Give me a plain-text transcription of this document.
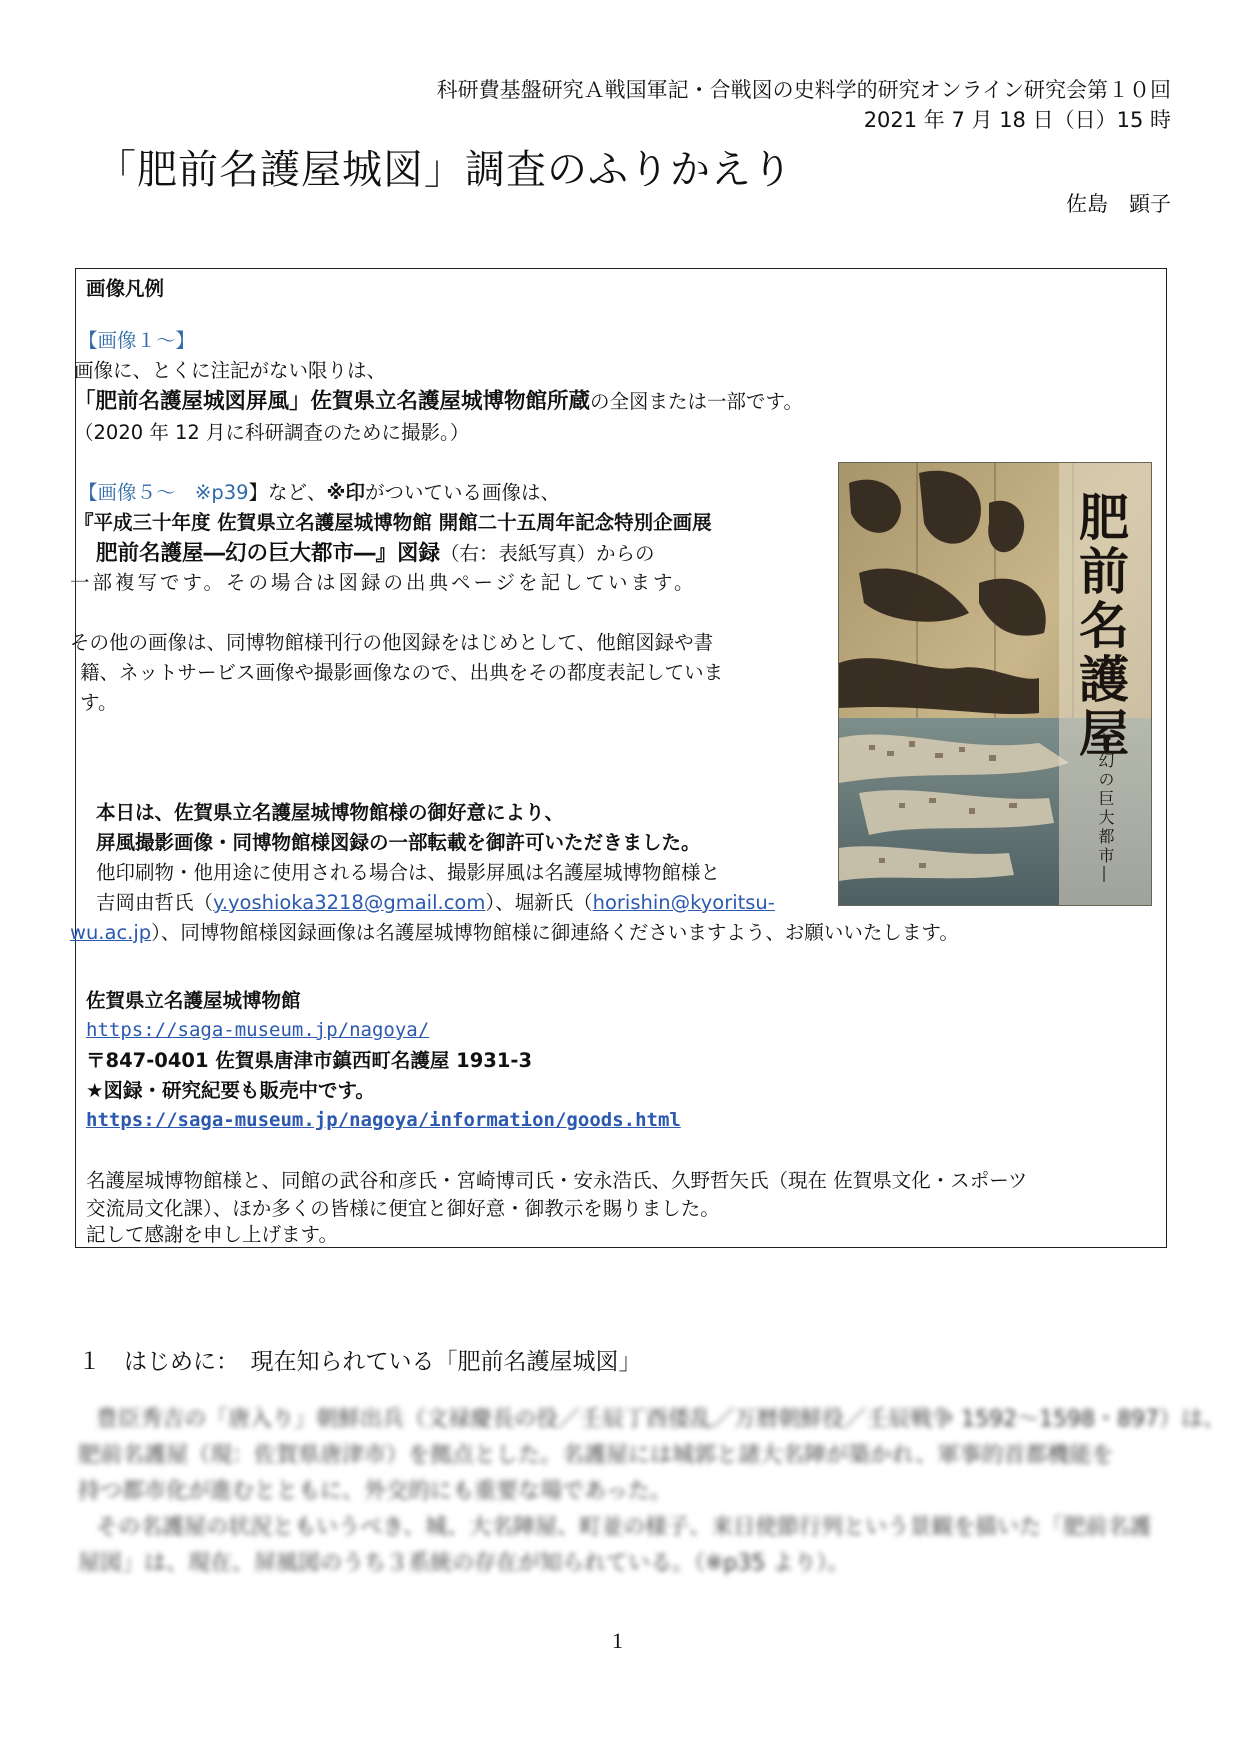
科研費基盤研究Ａ戦国軍記・合戦図の史料学的研究オンライン研究会第１０回
2021 年 7 月 18 日（日）15 時
「肥前名護屋城図」調査のふりかえり
佐島　顕子
画像凡例
【画像１～】
画像に、とくに注記がない限りは、
「肥前名護屋城図屏風」佐賀県立名護屋城博物館所蔵の全図または一部です。
（2020 年 12 月に科研調査のために撮影。）
【画像５～　※p39】など、※印がついている画像は、
『平成三十年度 佐賀県立名護屋城博物館 開館二十五周年記念特別企画展
肥前名護屋―幻の巨大都市―』図録（右：表紙写真）からの
一部複写です。その場合は図録の出典ページを記しています。
その他の画像は、同博物館様刊行の他図録をはじめとして、他館図録や書
籍、ネットサービス画像や撮影画像なので、出典をその都度表記していま
す。
本日は、佐賀県立名護屋城博物館様の御好意により、
屏風撮影画像・同博物館様図録の一部転載を御許可いただきました。
他印刷物・他用途に使用される場合は、撮影屏風は名護屋城博物館様と
吉岡由哲氏（y.yoshioka3218@gmail.com）、堀新氏（horishin@kyoritsu-
wu.ac.jp）、同博物館様図録画像は名護屋城博物館様に御連絡くださいますよう、お願いいたします。
佐賀県立名護屋城博物館
https://saga-museum.jp/nagoya/
〒847-0401 佐賀県唐津市鎮西町名護屋 1931-3
★図録・研究紀要も販売中です。
https://saga-museum.jp/nagoya/information/goods.html
名護屋城博物館様と、同館の武谷和彦氏・宮崎博司氏・安永浩氏、久野哲矢氏（現在 佐賀県文化・スポーツ
交流局文化課）、ほか多くの皆様に便宜と御好意・御教示を賜りました。
記して感謝を申し上げます。
肥前名護屋
―幻の巨大都市―
１　はじめに：　現在知られている「肥前名護屋城図」
豊臣秀吉の「唐入り」朝鮮出兵（文禄慶長の役／壬辰丁酉倭乱／万暦朝鮮役／壬辰戦争 1592～1598・897）は、
肥前名護屋（現：佐賀県唐津市）を拠点とした。名護屋には城郭と諸大名陣が築かれ、軍事的首都機能を
持つ都市化が進むとともに、外交的にも重要な場であった。
その名護屋の状況ともいうべき、城、大名陣屋、町並の様子、来日使節行列という景観を描いた「肥前名護
屋図」は、現在、屏風図のうち３系統の存在が知られている。（※p35 より）。
1
